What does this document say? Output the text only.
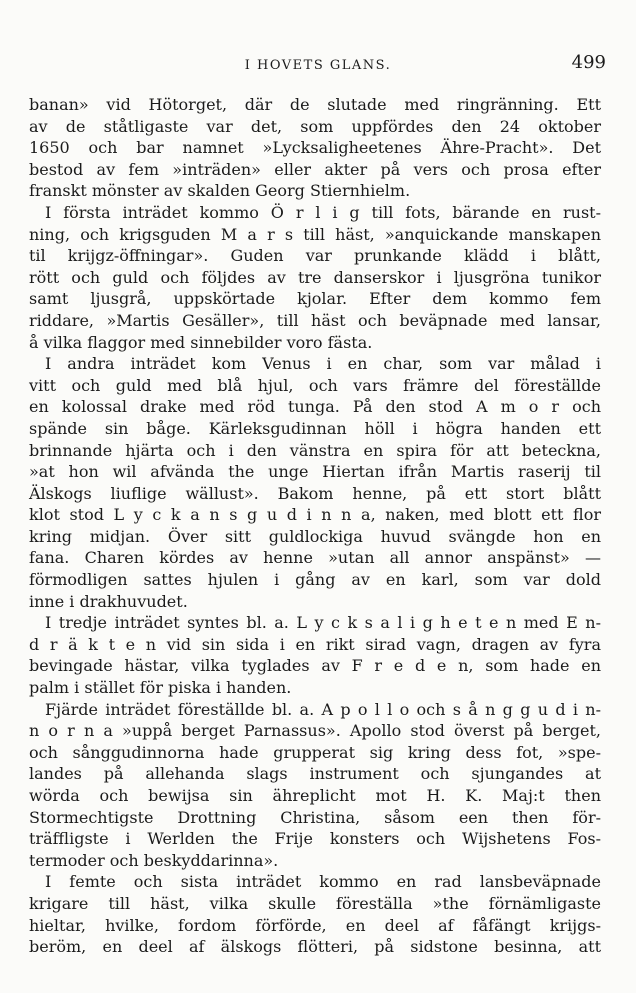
I HOVETS GLANS.	499
banan» vid Hötorget, där de slutade med ringränning. Ett
av de ståtligaste var det, som uppfördes den 24 oktober
1650 och bar namnet »Lycksaligheetenes Ähre-Pracht». Det
bestod av fem »inträden» eller akter på vers och prosa efter
franskt mönster av skalden Georg Stiernhielm.
I första inträdet kommo Ö r l i g till fots, bärande en rust-
ning, och krigsguden M a r s till häst, »anquickande manskapen
til krijgz-öffningar». Guden var prunkande klädd i blått,
rött och guld och följdes av tre danserskor i ljusgröna tunikor
samt ljusgrå, uppskörtade kjolar. Efter dem kommo fem
riddare, »Martis Gesäller», till häst och beväpnade med lansar,
å vilka flaggor med sinnebilder voro fästa.
I andra inträdet kom Venus i en char, som var målad i
vitt och guld med blå hjul, och vars främre del föreställde
en kolossal drake med röd tunga. På den stod A m o r och
spände sin båge. Kärleksgudinnan höll i högra handen ett
brinnande hjärta och i den vänstra en spira för att beteckna,
»at hon wil afvända the unge Hiertan ifrån Martis raserij til
Älskogs liuflige wällust». Bakom henne, på ett stort blått
klot stod L y c k a n s g u d i n n a, naken, med blott ett flor
kring midjan. Över sitt guldlockiga huvud svängde hon en
fana. Charen kördes av henne »utan all annor anspänst» —
förmodligen sattes hjulen i gång av en karl, som var dold
inne i drakhuvudet.
I tredje inträdet syntes bl. a. L y c k s a l i g h e t e n med E n-
d r ä k t e n vid sin sida i en rikt sirad vagn, dragen av fyra
bevingade hästar, vilka tyglades av F r e d e n, som hade en
palm i stället för piska i handen.
Fjärde inträdet föreställde bl. a. A p o l l o och s å n g g u d i n-
n o r n a »uppå berget Parnassus». Apollo stod överst på berget,
och sånggudinnorna hade grupperat sig kring dess fot, »spe-
landes på allehanda slags instrument och sjungandes at
wörda och bewijsa sin ähreplicht mot H. K. Maj:t then
Stormechtigste Drottning Christina, såsom een then för-
träffligste i Werlden the Frije konsters och Wijshetens Fos-
termoder och beskyddarinna».
I femte och sista inträdet kommo en rad lansbeväpnade
krigare till häst, vilka skulle föreställa »the förnämligaste
hieltar, hvilke, fordom förförde, en deel af fåfängt krijgs-
beröm, en deel af älskogs flötteri, på sidstone besinna, att
